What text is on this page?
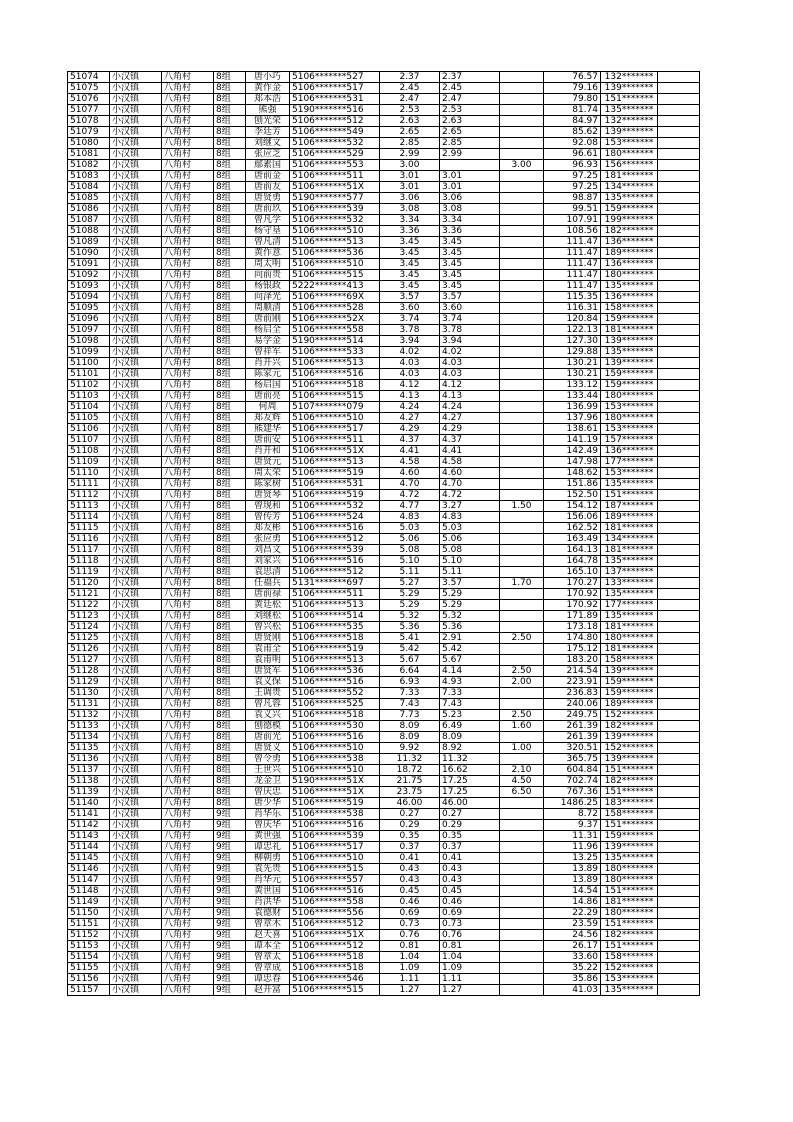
51074	小汉镇	八角村	8组	唐小巧	5106*******527	2.37	2.37		76.57	132*******	
51075	小汉镇	八角村	8组	黄作金	5106*******517	2.45	2.45		79.16	139*******	
51076	小汉镇	八角村	8组	郑本浩	5106*******531	2.47	2.47		79.80	151*******	
51077	小汉镇	八角村	8组	熊强	5190*******516	2.53	2.53		81.74	135*******	
51078	小汉镇	八角村	8组	刨光荣	5106*******512	2.63	2.63		84.97	132*******	
51079	小汉镇	八角村	8组	李廷芳	5106*******549	2.65	2.65		85.62	139*******	
51080	小汉镇	八角村	8组	刘继文	5106*******532	2.85	2.85		92.08	153*******	
51081	小汉镇	八角村	8组	张应芝	5106*******529	2.99	2.99		96.61	180*******	
51082	小汉镇	八角村	8组	鄢素国	5106*******553	3.00		3.00	96.93	156*******	
51083	小汉镇	八角村	8组	唐前金	5106*******511	3.01	3.01		97.25	181*******	
51084	小汉镇	八角村	8组	唐前友	5106*******51X	3.01	3.01		97.25	134*******	
51085	小汉镇	八角村	8组	唐贤勇	5190*******577	3.06	3.06		98.87	135*******	
51086	小汉镇	八角村	8组	唐前玖	5106*******539	3.08	3.08		99.51	159*******	
51087	小汉镇	八角村	8组	曾凡学	5106*******532	3.34	3.34		107.91	199*******	
51088	小汉镇	八角村	8组	杨守垦	5106*******510	3.36	3.36		108.56	182*******	
51089	小汉镇	八角村	8组	曾凡清	5106*******513	3.45	3.45		111.47	136*******	
51090	小汉镇	八角村	8组	黄作意	5106*******536	3.45	3.45		111.47	189*******	
51091	小汉镇	八角村	8组	周太明	5106*******510	3.45	3.45		111.47	136*******	
51092	小汉镇	八角村	8组	向前贵	5106*******515	3.45	3.45		111.47	180*******	
51093	小汉镇	八角村	8组	杨银政	5222*******413	3.45	3.45		111.47	135*******	
51094	小汉镇	八角村	8组	向泽光	5106*******69X	3.57	3.57		115.35	136*******	
51095	小汉镇	八角村	8组	周顺清	5106*******528	3.60	3.60		116.31	158*******	
51096	小汉镇	八角村	8组	唐前刚	5106*******52X	3.74	3.74		120.84	159*******	
51097	小汉镇	八角村	8组	杨启全	5106*******558	3.78	3.78		122.13	181*******	
51098	小汉镇	八角村	8组	易学金	5190*******514	3.94	3.94		127.30	139*******	
51099	小汉镇	八角村	8组	曾祥军	5106*******533	4.02	4.02		129.88	135*******	
51100	小汉镇	八角村	8组	肖开兴	5106*******513	4.03	4.03		130.21	139*******	
51101	小汉镇	八角村	8组	陈家元	5106*******516	4.03	4.03		130.21	159*******	
51102	小汉镇	八角村	8组	杨启国	5106*******518	4.12	4.12		133.12	159*******	
51103	小汉镇	八角村	8组	唐前亮	5106*******515	4.13	4.13		133.44	180*******	
51104	小汉镇	八角村	8组	何周	5107*******079	4.24	4.24		136.99	153*******	
51105	小汉镇	八角村	8组	郑友辉	5106*******510	4.27	4.27		137.96	180*******	
51106	小汉镇	八角村	8组	熊建华	5106*******517	4.29	4.29		138.61	153*******	
51107	小汉镇	八角村	8组	唐前安	5106*******511	4.37	4.37		141.19	157*******	
51108	小汉镇	八角村	8组	肖开和	5106*******51X	4.41	4.41		142.49	136*******	
51109	小汉镇	八角村	8组	唐贤元	5106*******513	4.58	4.58		147.98	177*******	
51110	小汉镇	八角村	8组	周太荣	5106*******519	4.60	4.60		148.62	153*******	
51111	小汉镇	八角村	8组	陈家树	5106*******531	4.70	4.70		151.86	135*******	
51112	小汉镇	八角村	8组	唐贤琴	5106*******519	4.72	4.72		152.50	151*******	
51113	小汉镇	八角村	8组	曾现和	5106*******532	4.77	3.27	1.50	154.12	187*******	
51114	小汉镇	八角村	8组	曾传芳	5106*******524	4.83	4.83		156.06	189*******	
51115	小汉镇	八角村	8组	郑友彬	5106*******516	5.03	5.03		162.52	181*******	
51116	小汉镇	八角村	8组	张应勇	5106*******512	5.06	5.06		163.49	134*******	
51117	小汉镇	八角村	8组	刘昌文	5106*******539	5.08	5.08		164.13	181*******	
51118	小汉镇	八角村	8组	刘家兴	5106*******516	5.10	5.10		164.78	135*******	
51119	小汉镇	八角村	8组	袁思清	5106*******512	5.11	5.11		165.10	137*******	
51120	小汉镇	八角村	8组	任福兵	5131*******697	5.27	3.57	1.70	170.27	133*******	
51121	小汉镇	八角村	8组	唐前禄	5106*******511	5.29	5.29		170.92	135*******	
51122	小汉镇	八角村	8组	黄廷松	5106*******513	5.29	5.29		170.92	177*******	
51123	小汉镇	八角村	8组	刘继松	5106*******514	5.32	5.32		171.89	135*******	
51124	小汉镇	八角村	8组	曾兴松	5106*******535	5.36	5.36		173.18	181*******	
51125	小汉镇	八角村	8组	唐贤刚	5106*******518	5.41	2.91	2.50	174.80	180*******	
51126	小汉镇	八角村	8组	袁甫全	5106*******519	5.42	5.42		175.12	181*******	
51127	小汉镇	八角村	8组	袁甫明	5106*******513	5.67	5.67		183.20	158*******	
51128	小汉镇	八角村	8组	唐贤军	5106*******536	6.64	4.14	2.50	214.54	139*******	
51129	小汉镇	八角村	8组	袁义保	5106*******516	6.93	4.93	2.00	223.91	159*******	
51130	小汉镇	八角村	8组	王调贵	5106*******552	7.33	7.33		236.83	159*******	
51131	小汉镇	八角村	8组	曾凡蓉	5106*******525	7.43	7.43		240.06	189*******	
51132	小汉镇	八角村	8组	袁义兴	5106*******518	7.73	5.23	2.50	249.75	152*******	
51133	小汉镇	八角村	8组	刨德模	5106*******530	8.09	6.49	1.60	261.39	182*******	
51134	小汉镇	八角村	8组	唐前光	5106*******516	8.09	8.09		261.39	139*******	
51135	小汉镇	八角村	8组	唐贤义	5106*******510	9.92	8.92	1.00	320.51	152*******	
51136	小汉镇	八角村	8组	曾令勇	5106*******538	11.32	11.32		365.75	139*******	
51137	小汉镇	八角村	8组	王世兴	5106*******510	18.72	16.62	2.10	604.84	151*******	
51138	小汉镇	八角村	8组	龙金卫	5190*******51X	21.75	17.25	4.50	702.74	182*******	
51139	小汉镇	八角村	8组	曾庆忠	5106*******51X	23.75	17.25	6.50	767.36	151*******	
51140	小汉镇	八角村	8组	唐少华	5106*******519	46.00	46.00		1486.25	183*******	
51141	小汉镇	八角村	9组	肖华乐	5106*******538	0.27	0.27		8.72	158*******	
51142	小汉镇	八角村	9组	曾庆华	5106*******516	0.29	0.29		9.37	151*******	
51143	小汉镇	八角村	9组	黄世强	5106*******539	0.35	0.35		11.31	159*******	
51144	小汉镇	八角村	9组	谭忠礼	5106*******517	0.37	0.37		11.96	139*******	
51145	小汉镇	八角村	9组	柳朝勇	5106*******510	0.41	0.41		13.25	135*******	
51146	小汉镇	八角村	9组	袁先贵	5106*******515	0.43	0.43		13.89	180*******	
51147	小汉镇	八角村	9组	肖华元	5106*******557	0.43	0.43		13.89	180*******	
51148	小汉镇	八角村	9组	黄世国	5106*******516	0.45	0.45		14.54	151*******	
51149	小汉镇	八角村	9组	肖洪华	5106*******558	0.46	0.46		14.86	181*******	
51150	小汉镇	八角村	9组	袁德财	5106*******556	0.69	0.69		22.29	180*******	
51151	小汉镇	八角村	9组	曾章木	5106*******512	0.73	0.73		23.59	151*******	
51152	小汉镇	八角村	9组	赵天喜	5106*******51X	0.76	0.76		24.56	182*******	
51153	小汉镇	八角村	9组	谭本全	5106*******512	0.81	0.81		26.17	151*******	
51154	小汉镇	八角村	9组	曾章太	5106*******518	1.04	1.04		33.60	158*******	
51155	小汉镇	八角村	9组	曾章成	5106*******518	1.09	1.09		35.22	152*******	
51156	小汉镇	八角村	9组	谭忠春	5106*******546	1.11	1.11		35.86	153*******	
51157	小汉镇	八角村	9组	赵开富	5106*******515	1.27	1.27		41.03	135*******	
